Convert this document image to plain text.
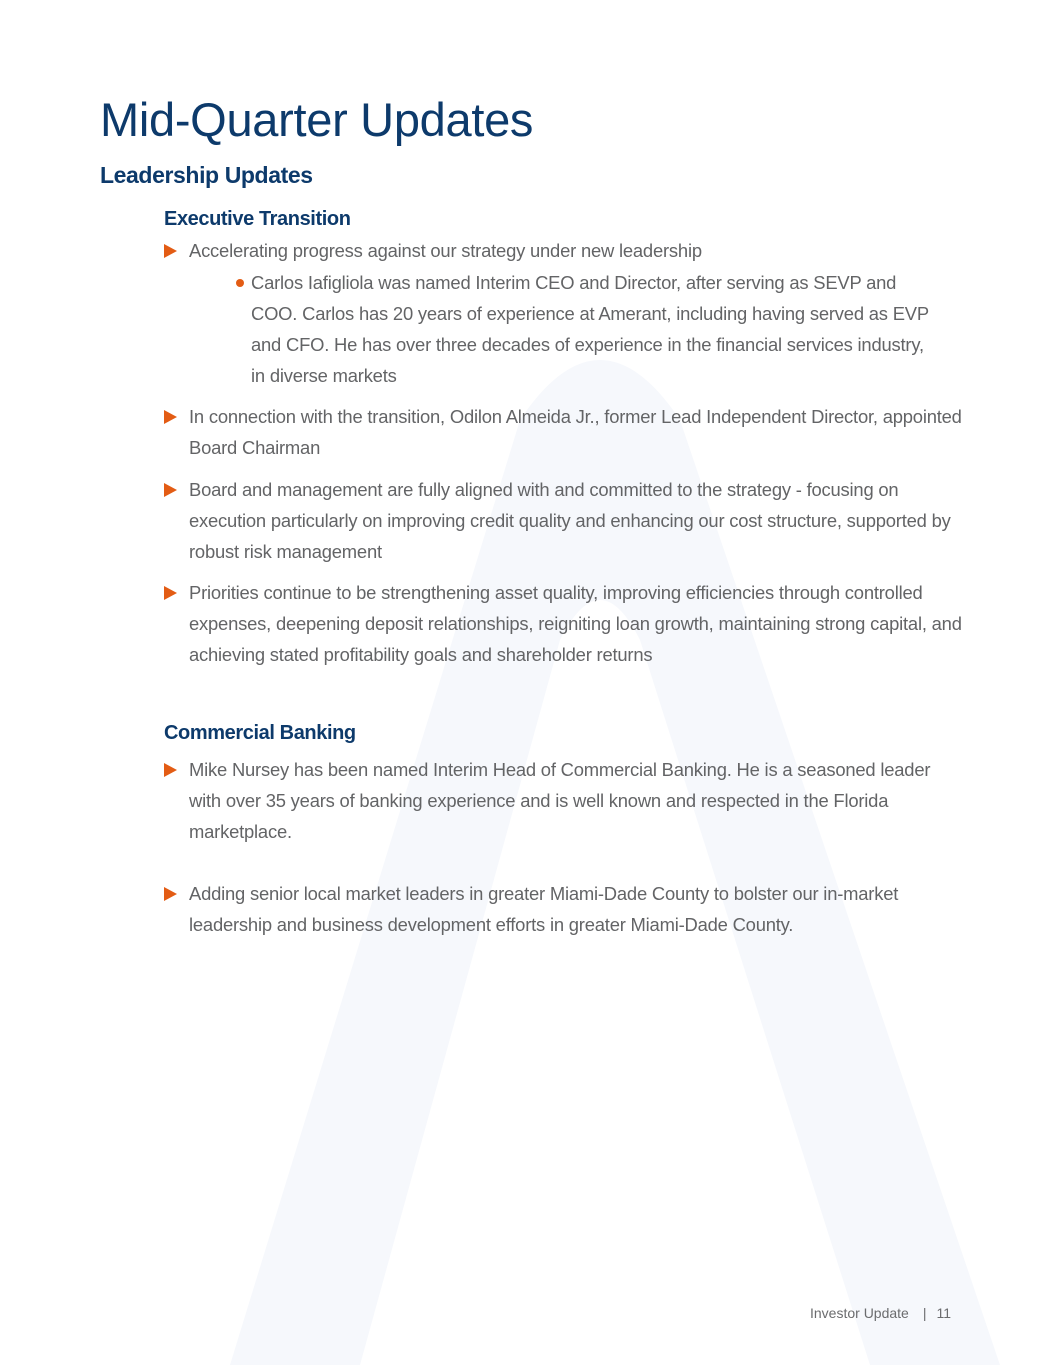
Mid-Quarter Updates
Leadership Updates
Executive Transition
Accelerating progress against our strategy under new leadership
Carlos Iafigliola was named Interim CEO and Director, after serving as SEVP and COO. Carlos has 20 years of experience at Amerant, including having served as EVP and CFO. He has over three decades of experience in the financial services industry, in diverse markets
In connection with the transition, Odilon Almeida Jr., former Lead Independent Director, appointed Board Chairman
Board and management are fully aligned with and committed to the strategy - focusing on execution particularly on improving credit quality and enhancing our cost structure, supported by robust risk management
Priorities continue to be strengthening asset quality, improving efficiencies through controlled expenses, deepening deposit relationships, reigniting loan growth, maintaining strong capital, and achieving stated profitability goals and shareholder returns
Commercial Banking
Mike Nursey has been named Interim Head of Commercial Banking. He is a seasoned leader with over 35 years of banking experience and is well known and respected in the Florida marketplace.
Adding senior local market leaders in greater Miami-Dade County to bolster our in-market leadership and business development efforts in greater Miami-Dade County.
Investor Update | 11
